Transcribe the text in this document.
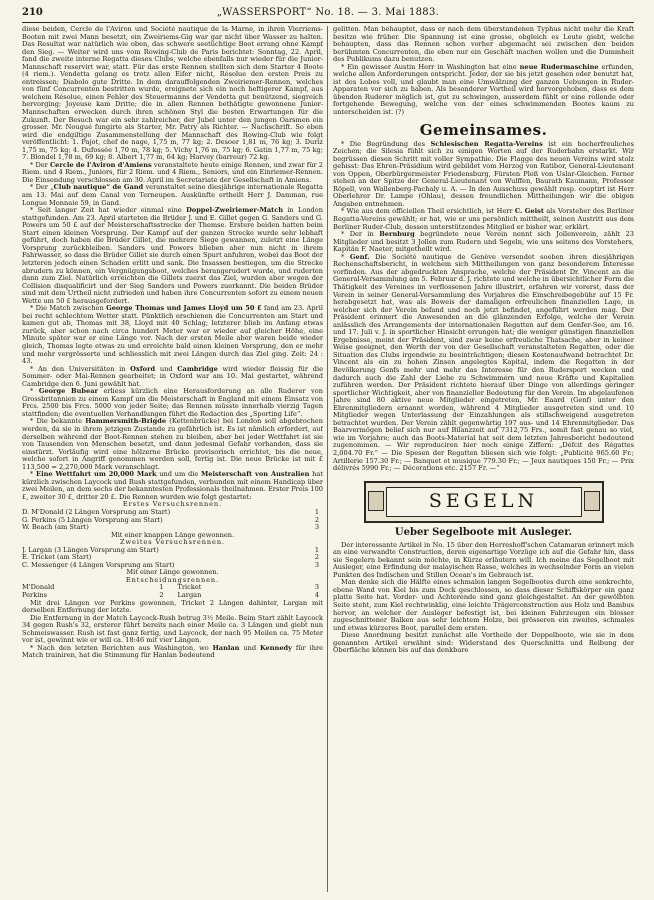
210	„WASSERSPORT“ No. 18. — 3. Mai 1883.

diese beiden, Cercle de l'Aviron und Société nautique de la Marne, in ihren Vierriems-Booten mit zwei Mann besetzt, ein Zweiriems-Gig war gar nicht über Wasser zu halten. Das Resultat war natürlich wie oben, das schwere seetüchtige Boot errang ohne Kampf den Sieg. — Weiter wird uns vom Rowing-Club de Paris berichtet: Sonntag, 22. April, fand die zweite interne Regatta dieses Clubs, welche ebenfalls nur wieder für die Junior-Mannschaft reservirt war, statt. Für das erste Rennen stellten sich dem Starter 4 Boote (4 riem.). Vendetta gelang es trotz allen Eifer nicht, Résolue den ersten Preis zu entreissen; Diabolo gute Dritte. In dem darauffolgenden Zweiriemer-Rennen, welches von fünf Concurrenten bestritten wurde, ereignete sich ein noch heftigerer Kampf, aus welchem Résolue, einen Fehler des Steuermanns der Vendetta gut benützend, siegreich hervorging; Joyeuse kam Dritte; die in allen Rennen bethätigte gewonnene Junior-Mannschaften erwecken durch ihren schönen Styl die besten Erwartungen für die Zukunft. Der Besuch war ein sehr zahlreicher, der Jubel unter den jungen Oarsmen ein grosser. Mr. Nougué fungirte als Starter, Mr. Patry als Richter. — Nachschrift. So eben wird die endgiltige Zusammenstellung der Mannschaft des Rowing-Club wie folgt veröffentlicht: 1. Pajot, chef de nage, 1,75 m, 77 kg; 2. Desoer 1,81 m, 76 kg; 3. Duriz 1,75 m, 75 kg; 4. Dufossée 1,70 m, 78 kg; 5. Vichy 1,76 m, 75 kg; 6. Gatin 1,77 m, 75 kg; 7. Blondel 1,78 m, 69 kg; 8. Albert 1,77 m, 64 kg; Harvey (barreur) 72 kg.

* Der Cercle de l'Aviron d'Amiens veranstaltete heute einige Rennen, und zwar für 2 Riem. und 4 Riem., Juniors, für 2 Riem. und 4 Riem., Seniors, und ein Einriemer-Rennen. Die Einsendung verschlossen am 30. April im Secretariate der Gesellschaft in Amiens.

* Der „Club nautique“ de Gand veranstaltet seine diesjährige internationale Regatta am 13. Mai auf dem Canal von Terneupen. Auskünfte ertheilt Herr J. Damman, rue Longue Monnaie 59, in Gand.

* Seit langer Zeit hat wieder einmal eine Doppel-Zweiriemer-Match in London stattgefunden. Am 23. April starteten die Brüder J. und E. Gillet gegen G. Sanders und G. Powers um 50 £ auf der Meisterschaftsstrecke der Themse. Erstere beiden hatten beim Start einen kleinen Vorsprung. Der Kampf auf der ganzen Strecke wurde sehr lebhaft geführt, doch haben die Brüder Gillet, die mehrere Siege gewannen, zuletzt eine Länge Vorsprung zurückbleiben. Sanders und Powers blieben aber nun nicht in ihrem Fahrwasser, so dass die Brüder Gillet sie durch einen Spurt anfuhren, wobei das Boot der letzteren jedoch einen Schaden erlitt und sank. Die Insassen bestiegen, um die Strecke abrudern zu können, ein Vergnügungsboot, welches herangerudert wurde, und ruderten dann zum Ziel. Natürlich erreichten die Gillets zuerst das Ziel, wurden aber wegen der Collision disqualificirt und der Sieg Sanders und Powers zuerkannt. Die beiden Brüder sind mit dem Urtheil nicht zufrieden und haben ihre Concurrenten sofort zu einem neuen Wette um 50 £ herausgefordert.

* Die Match zwischen George Thomas und James Lloyd um 50 £ fand am 23. April bei recht schlechtem Wetter statt. Pünktlich erschienen die Concurrenten am Start und kamen gut ab, Thomas mit 38, Lloyd mit 40 Schlag; letzterer blieb im Anfang etwas zurück, aber schon nach circa hundert Meter war er wieder auf gleicher Höhe, eine Minute später war er eine Länge vor. Nach der ersten Meile aber waren beide wieder gleich, Thomas legte etwas zu und erreichte bald einen kleinen Vorsprung, den er mehr und mehr vergrösserte und schliesslich mit zwei Längen durch das Ziel ging. Zeit: 24 : 43.

* An den Universitäten in Oxford und Cambridge wird wieder fleissig für die Sommer- oder Mai-Rennen gearbeitet; in Oxford war am 10. Mai gestartet, während Cambridge den 6. Juni gewählt hat.

* George Bubear erliess kürzlich eine Herausforderung an alle Ruderer von Grossbritannien zu einem Kampf um die Meisterschaft in England mit einem Einsatz von Frcs. 2500 bis Frcs. 5000 von jeder Seite; das Rennen müsste innerhalb vierzig Tagen stattfinden; die eventuellen Verhandlungen führt die Redaction des „Sporting Life“.

* Die bekannte Hammersmith-Brigde (Kettenbrücke) bei London soll abgebrochen werden, da sie in ihrem jetzigen Zustande zu gefährlich ist. Es ist nämlich erfordert, auf derselben während der Boot-Rennen stehen zu bleiben, aber bei jeder Wettfahrt ist sie von Tausenden von Menschen besetzt, und dann jedesmal Gefahr vorhanden, dass sie einstürzt. Vorläufig wird eine hölzerne Brücke provisorisch errichtet, bis die neue, welche sofort in Angriff genommen werden soll, fertig ist. Die neue Brücke ist mit £ 113,500 = 2,270,000 Mark veranschlagt.

* Eine Wettfahrt um 20,000 Mark und um die Meisterschaft von Australien hat kürzlich zwischen Laycock und Rush stattgefunden, verbunden mit einem Handicap über zwei Meilen, an dem sechs der bekanntesten Professionals theilnahmen. Erster Preis 100 £, zweiter 30 £, dritter 20 £. Die Rennen wurden wie folgt gestartet:

Erstes Versuchsrennen.

D. M'Donald (2 Längen Vorsprung am Start)	1
G. Perkins (5 Längen Vorsprung am Start)	2
W. Beach (am Start)	3

Mit einer knappen Länge gewonnen.

Zweites Versuchsrennen.

J. Largan (3 Längen Vorsprung am Start)	1
E. Tricket (am Start)	2
C. Messenger (4 Längen Vorsprung am Start)	3

Mit einer Länge gewonnen.

Entscheidungsrennen.

M'Donald	1
Perkins	2
Tricket	3
Largan	4

Mit drei Längen vor Perkins gewonnen, Tricket 2 Längen dahinter, Largan mit derselben Entfernung der letzte.

Die Entfernung in der Match Laycock-Rush betrug 3½ Meile. Beim Start zählt Laycock 34 gegen Rush's 32, ersterer führt bereits nach einer Meile ca. 3 Längen und giebt nun Schmeiswasser. Rush ist fast ganz fertig, und Laycock, der nach 95 Meilen ca. 75 Meter vor ist, gewinnt wie er will ca. 18:46 mit vier Längen.

* Nach den letzten Berichten aus Washington, wo Hanlan und Kennedy für ihre Match trainiren, hat die Stimmung für Hanlan bedeutend

gelitten. Man behauptet, dass er nach dem überstandenen Typhus nicht mehr die Kraft besitze wie früher. Die Spannung ist eine grosse, obgleich es Leute giebt, welche behaupten, dass das Rennen schon vorher abgemacht sei zwischen den beiden berühmten Concurrenten, die eben nur ein Geschäft machen wollen und die Dummheit des Publikums dazu benutzen.

* Ein gewisser Austin Herr in Washington hat eine neue Rudermaschine erfunden, welche allen Anforderungen entspricht. Jeder, der sie bis jetzt gesehen oder benutzt hat, ist des Lobes voll, und glaubt man eine Umwälzung der ganzen Uebungen in Ruder-Apparaten vor sich zu haben. Als besonderer Vortheil wird hervorgehoben, dass es dem übenden Ruderer möglich ist, gut zu schwingen, ausserdem fühlt er eine rollende oder fortgehende Bewegung, welche von der eines schwimmenden Bootes kaum zu unterscheiden ist. (?)

Gemeinsames.

* Die Begründung des Schlesischen Regatta-Vereins ist ein hocherfreuliches Zeichen; die Silesia fühlt sich zu einigen Worten auf der Ruderbahn erstarkt. Wir begrüssen diesen Schritt mit voller Sympathie. Die Flagge des neuen Vereins wird stolz gehisst: Das Ehren-Präsidium wird gebildet vom Herzog von Ratibor, General-Lieutenant von Oppen, Oberbürgermeister Friedensburg, Fürsten Pleß von Uslar-Gleichen. Ferner stehen an der Spitze der General-Lieutenant von Wulffen, Baurath Kaumann, Professor Röpell, von Wallenberg-Pachaly u. A. — In den Ausschuss gewählt resp. cooptirt ist Herr Oberlehrer Dr. Lampe (Ohlau), dessen freundlichen Mittheilungen wir die obigen Angaben entnehmen.

* Wie aus dem officiellen Theil ersichtlich, ist Herr C. Geist als Vorsteher des Berliner Regatta-Vereins gewählt; er hat, wie er uns persönlich mittheilt, seinen Austritt aus dem Berliner Ruder-Club, dessen unterstützendes Mitglied er bisher war, erklärt.

* Der in Bernburg begründete neue Verein nennt sich Jollenverein, zählt 23 Mitglieder und besitzt 3 Jollen zum Rudern und Segeln, wie uns seitens des Vorstehers, Kapitän F. Naeter, mitgetheilt wird.

* Genf. Die Société nautique de Genève versendet soeben ihren diesjährigen Rechenschaftsbericht, in welchem sich Mittheilungen von ganz besonderem Interesse vorfinden. Aus der abgedruckten Ansprache, welche der Präsident Dr. Vincent an die General-Versammlung am 5. Februar d. J. richtete und welche in übersichtlicher Form die Thätigkeit des Vereines im verflossenen Jahre illustrirt, erfahren wir vorerst, dass der Verein in seiner General-Versammlung des Vorjahres die Einschreibegebühr auf 15 Fr. herabgesetzt hat, was als Beweis der damaligen erfreulichen finanziellen Lage, in welcher sich der Verein befand und noch jetzt befindet, angeführt werden mag. Der Präsident erinnert die Anwesenden an die glänzenden Erfolge, welche der Verein anlässlich des Arrangements der internationalen Regatten auf dem Genfer-See, am 16. und 17. Juli v. J. in sportlicher Hinsicht errungen hat; die weniger günstigen finanziellen Ergebnisse, meint der Präsident, sind zwar keine erfreuliche Thatsache, aber in keiner Weise geeignet, den Werth der von der Gesellschaft veranstalteten Regatten, oder die Situation des Clubs irgendwie zu beeinträchtigen; diesen Kostenaufwand betrachtet Dr. Vincent als ein zu hohen Zinsen angelegtes Kapital, indem die Regatten in der Bevölkerung Genfs mehr und mehr das Interesse für den Rudersport wecken und dadurch auch die Zahl der Liebe zu Schwimmern und neue Kräfte und Kapitalien zuführen werden. Der Präsident richtete hierauf über Dinge von allerdings geringer sportlicher Wichtigkeit, aber von finanzieller Bedeutung für den Verein. Im abgelaufenen Jahre sind 80 aktive neue Mitglieder eingetreten, Mr. Eaard (Genf) unter den Ehrenmitgliedern ernannt worden, während 4 Mitglieder ausgetreten sind und 10 Mitglieder wegen Unterlassung der Einzahlungen als stillschweigend ausgetreten betrachtet wurden. Der Verein zählt gegenwärtig 197 aus- und 14 Ehrenmitglieder. Das Baarvermögen belief sich nur auf Bilanzzeit auf 7312,75 Frs., somit fast genau so viel, wie im Vorjahre; auch das Boots-Material hat seit dem letzten Jahresbericht bedeutend zugenommen. — Wir reproduciren hier noch einige Ziffern: „Défcit des Régattes 2,004.70 Fr.“ — Die Spesen der Regatten bliesen sich wie folgt: „Publicité 965.60 Fr.; Artillerie 157.30 Fr.; — Banquet et musique 779.30 Fr.; — Jeux nautiques 150 Fr.; — Prix délivrés 5990 Fr.; — Décorations etc. 2157 Fr. —“

SEGELN
Ueber Segelboote mit Ausleger.

Der interessante Artikel in No. 15 über den Herreshoff'schen Catamaran erinnert mich an eine verwandte Construction, deren eigenartige Vorzüge ich auf die Gefahr hin, dass sie Segelern bekannt sein möchte, in Kürze erläutern will. Ich meine das Segelboot mit Ausleger, eine Erfindung der malayischen Rasse, welches in wechselnder Form an vielen Punkten des Indischen und Stillen Ocean's im Gebrauch ist.

Man denke sich die Hälfte eines schmalen langen Segelbootes durch eine senkrechte, ebene Wand von Kiel bis zum Deck geschlossen, so dass dieser Schiffskörper ein ganz platte Seite hat. Vorder- und Achterende sind ganz gleichgestaltet. An der gewölbten Seite steht, zum Kiel rechtwinklig, eine leichte Trägerconstruction aus Holz und Bambus hervor, an welcher der Ausleger befestigt ist, bei kleinen Fahrzeugen ein blosser zugeschnittener Balken aus sehr leichtem Holze, bei grösseren ein zweites, schmales und etwas kürzeres Boot, parallel dem ersten.

Diese Anordnung besitzt zunächst alle Vortheile der Doppelboote, wie sie in dem genannten Artikel erwähnt sind: Widerstand des Querschnitts und Reibung der Oberfläche können bis auf das denkbare
